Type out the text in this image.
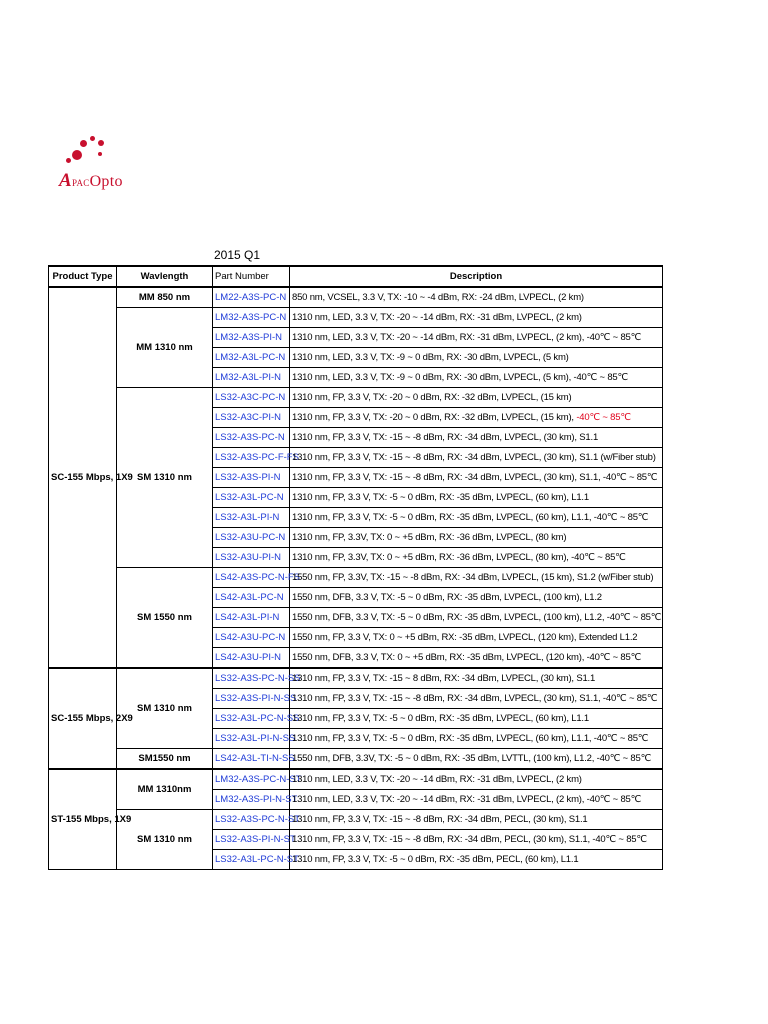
APACOpto
2015 Q1
Product Type	Wavlength	Part Number	Description
SC-155 Mbps, 1X9	MM 850 nm	LM22-A3S-PC-N	850 nm, VCSEL, 3.3 V, TX: -10 ~ -4 dBm, RX: -24 dBm, LVPECL, (2 km)
	MM 1310 nm	LM32-A3S-PC-N	1310 nm, LED, 3.3 V, TX: -20 ~ -14 dBm, RX: -31 dBm, LVPECL, (2 km)
		LM32-A3S-PI-N	1310 nm, LED, 3.3 V, TX: -20 ~ -14 dBm, RX: -31 dBm, LVPECL, (2 km), -40℃ ~ 85℃
		LM32-A3L-PC-N	1310 nm, LED, 3.3 V, TX: -9 ~ 0 dBm, RX: -30 dBm, LVPECL, (5 km)
		LM32-A3L-PI-N	1310 nm, LED, 3.3 V, TX: -9 ~ 0 dBm, RX: -30 dBm, LVPECL, (5 km), -40℃ ~ 85℃
	SM 1310 nm	LS32-A3C-PC-N	1310 nm, FP, 3.3 V, TX: -20 ~ 0 dBm, RX: -32 dBm, LVPECL, (15 km)
		LS32-A3C-PI-N	1310 nm, FP, 3.3 V, TX: -20 ~ 0 dBm, RX: -32 dBm, LVPECL, (15 km), -40℃ ~ 85℃
		LS32-A3S-PC-N	1310 nm, FP, 3.3 V, TX: -15 ~ -8 dBm, RX: -34 dBm, LVPECL, (30 km), S1.1
		LS32-A3S-PC-F-FS	1310 nm, FP, 3.3 V, TX: -15 ~ -8 dBm, RX: -34 dBm, LVPECL, (30 km), S1.1 (w/Fiber stub)
		LS32-A3S-PI-N	1310 nm, FP, 3.3 V, TX: -15 ~ -8 dBm, RX: -34 dBm, LVPECL, (30 km), S1.1, -40℃ ~ 85℃
		LS32-A3L-PC-N	1310 nm, FP, 3.3 V, TX: -5 ~ 0 dBm, RX: -35 dBm, LVPECL, (60 km), L1.1
		LS32-A3L-PI-N	1310 nm, FP, 3.3 V, TX: -5 ~ 0 dBm, RX: -35 dBm, LVPECL, (60 km), L1.1, -40℃ ~ 85℃
		LS32-A3U-PC-N	1310 nm, FP, 3.3V, TX: 0 ~ +5 dBm, RX: -36 dBm, LVPECL, (80 km)
		LS32-A3U-PI-N	1310 nm, FP, 3.3V, TX: 0 ~ +5 dBm, RX: -36 dBm, LVPECL, (80 km), -40℃ ~ 85℃
	SM 1550 nm	LS42-A3S-PC-N-FS	1550 nm, FP, 3.3V, TX: -15 ~ -8 dBm, RX: -34 dBm, LVPECL, (15 km), S1.2 (w/Fiber stub)
		LS42-A3L-PC-N	1550 nm, DFB, 3.3 V, TX: -5 ~ 0 dBm, RX: -35 dBm, LVPECL, (100 km), L1.2
		LS42-A3L-PI-N	1550 nm, DFB, 3.3 V, TX: -5 ~ 0 dBm, RX: -35 dBm, LVPECL, (100 km), L1.2, -40℃ ~ 85℃
		LS42-A3U-PC-N	1550 nm, FP, 3.3 V, TX: 0 ~ +5 dBm, RX: -35 dBm, LVPECL, (120 km), Extended L1.2
		LS42-A3U-PI-N	1550 nm, DFB, 3.3 V, TX: 0 ~ +5 dBm, RX: -35 dBm, LVPECL, (120 km), -40℃ ~ 85℃
SC-155 Mbps, 2X9	SM 1310 nm	LS32-A3S-PC-N-SS	1310 nm, FP, 3.3 V, TX: -15 ~ 8 dBm, RX: -34 dBm, LVPECL, (30 km), S1.1
		LS32-A3S-PI-N-SS	1310 nm, FP, 3.3 V, TX: -15 ~ -8 dBm, RX: -34 dBm, LVPECL, (30 km), S1.1, -40℃ ~ 85℃
		LS32-A3L-PC-N-SS	1310 nm, FP, 3.3 V, TX: -5 ~ 0 dBm, RX: -35 dBm, LVPECL, (60 km), L1.1
		LS32-A3L-PI-N-SS	1310 nm, FP, 3.3 V, TX: -5 ~ 0 dBm, RX: -35 dBm, LVPECL, (60 km), L1.1, -40℃ ~ 85℃
	SM1550 nm	LS42-A3L-TI-N-SS	1550 nm, DFB, 3.3V, TX: -5 ~ 0 dBm, RX: -35 dBm, LVTTL, (100 km), L1.2, -40℃ ~ 85℃
ST-155 Mbps, 1X9	MM 1310nm	LM32-A3S-PC-N-ST	1310 nm, LED, 3.3 V, TX: -20 ~ -14 dBm, RX: -31 dBm, LVPECL, (2 km)
		LM32-A3S-PI-N-ST	1310 nm, LED, 3.3 V, TX: -20 ~ -14 dBm, RX: -31 dBm, LVPECL, (2 km), -40℃ ~ 85℃
	SM 1310 nm	LS32-A3S-PC-N-ST	1310 nm, FP, 3.3 V, TX: -15 ~ -8 dBm, RX: -34 dBm, PECL, (30 km), S1.1
		LS32-A3S-PI-N-ST	1310 nm, FP, 3.3 V, TX: -15 ~ -8 dBm, RX: -34 dBm, PECL, (30 km), S1.1, -40℃ ~ 85℃
		LS32-A3L-PC-N-ST	1310 nm, FP, 3.3 V, TX: -5 ~ 0 dBm, RX: -35 dBm, PECL, (60 km), L1.1
